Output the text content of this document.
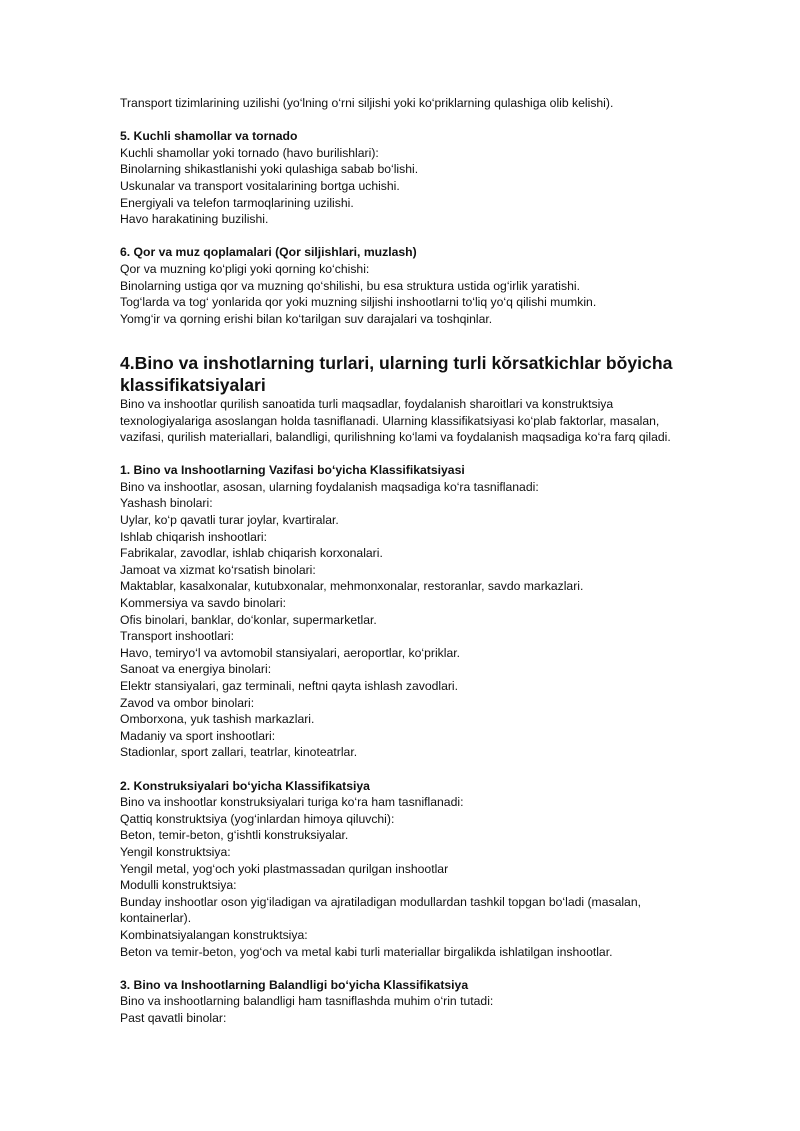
Transport tizimlarining uzilishi (yo‘lning o‘rni siljishi yoki ko‘priklarning qulashiga olib kelishi).
5. Kuchli shamollar va tornado
Kuchli shamollar yoki tornado (havo burilishlari):
Binolarning shikastlanishi yoki qulashiga sabab bo‘lishi.
Uskunalar va transport vositalarining bortga uchishi.
Energiyali va telefon tarmoqlarining uzilishi.
Havo harakatining buzilishi.
6. Qor va muz qoplamalari (Qor siljishlari, muzlash)
Qor va muzning ko‘pligi yoki qorning ko‘chishi:
Binolarning ustiga qor va muzning qo‘shilishi, bu esa struktura ustida og‘irlik yaratishi.
Tog‘larda va tog‘ yonlarida qor yoki muzning siljishi inshootlarni to‘liq yo‘q qilishi mumkin.
Yomg‘ir va qorning erishi bilan ko‘tarilgan suv darajalari va toshqinlar.
4.Bino va inshotlarning turlari, ularning turli kŏrsatkichlar bŏyicha klassifikatsiyalari
Bino va inshootlar qurilish sanoatida turli maqsadlar, foydalanish sharoitlari va konstruktsiya texnologiyalariga asoslangan holda tasniflanadi. Ularning klassifikatsiyasi ko‘plab faktorlar, masalan, vazifasi, qurilish materiallari, balandligi, qurilishning ko‘lami va foydalanish maqsadiga ko‘ra farq qiladi.
1. Bino va Inshootlarning Vazifasi bo‘yicha Klassifikatsiyasi
Bino va inshootlar, asosan, ularning foydalanish maqsadiga ko‘ra tasniflanadi:
Yashash binolari:
Uylar, ko‘p qavatli turar joylar, kvartiralar.
Ishlab chiqarish inshootlari:
Fabrikalar, zavodlar, ishlab chiqarish korxonalari.
Jamoat va xizmat ko‘rsatish binolari:
Maktablar, kasalxonalar, kutubxonalar, mehmonxonalar, restoranlar, savdo markazlari.
Kommersiya va savdo binolari:
Ofis binolari, banklar, do‘konlar, supermarketlar.
Transport inshootlari:
Havo, temiryo‘l va avtomobil stansiyalari, aeroportlar, ko‘priklar.
Sanoat va energiya binolari:
Elektr stansiyalari, gaz terminali, neftni qayta ishlash zavodlari.
Zavod va ombor binolari:
Omborxona, yuk tashish markazlari.
Madaniy va sport inshootlari:
Stadionlar, sport zallari, teatrlar, kinoteatrlar.
2. Konstruksiyalari bo‘yicha Klassifikatsiya
Bino va inshootlar konstruksiyalari turiga ko‘ra ham tasniflanadi:
Qattiq konstruktsiya (yog‘inlardan himoya qiluvchi):
Beton, temir-beton, g‘ishtli konstruksiyalar.
Yengil konstruktsiya:
Yengil metal, yog‘och yoki plastmassadan qurilgan inshootlar
Modulli konstruktsiya:
Bunday inshootlar oson yig‘iladigan va ajratiladigan modullardan tashkil topgan bo‘ladi (masalan, kontainerlar).
Kombinatsiyalangan konstruktsiya:
Beton va temir-beton, yog‘och va metal kabi turli materiallar birgalikda ishlatilgan inshootlar.
3. Bino va Inshootlarning Balandligi bo‘yicha Klassifikatsiya
Bino va inshootlarning balandligi ham tasniflashda muhim o‘rin tutadi:
Past qavatli binolar:
